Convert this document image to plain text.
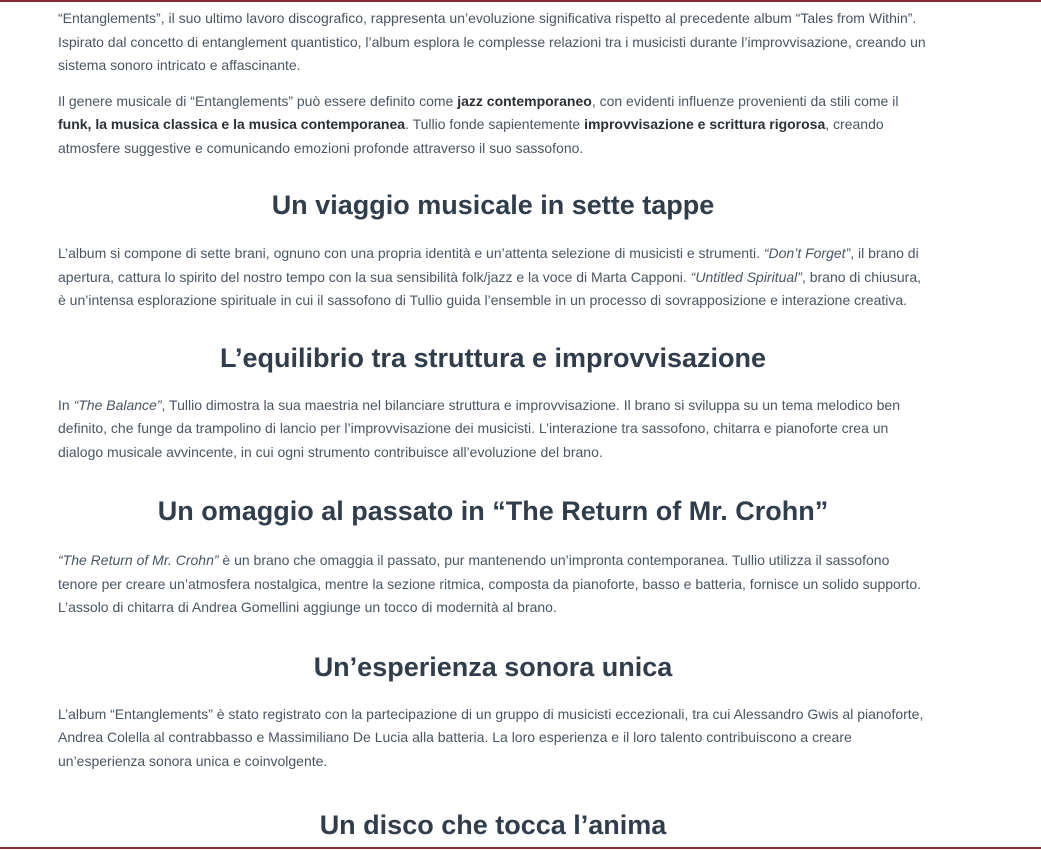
“Entanglements”, il suo ultimo lavoro discografico, rappresenta un’evoluzione significativa rispetto al precedente album “Tales from Within”. Ispirato dal concetto di entanglement quantistico, l’album esplora le complesse relazioni tra i musicisti durante l’improvvisazione, creando un sistema sonoro intricato e affascinante.

Il genere musicale di “Entanglements” può essere definito come jazz contemporaneo, con evidenti influenze provenienti da stili come il funk, la musica classica e la musica contemporanea. Tullio fonde sapientemente improvvisazione e scrittura rigorosa, creando atmosfere suggestive e comunicando emozioni profonde attraverso il suo sassofono.

Un viaggio musicale in sette tappe

L’album si compone di sette brani, ognuno con una propria identità e un’attenta selezione di musicisti e strumenti. “Don’t Forget”, il brano di apertura, cattura lo spirito del nostro tempo con la sua sensibilità folk/jazz e la voce di Marta Capponi. “Untitled Spiritual”, brano di chiusura, è un’intensa esplorazione spirituale in cui il sassofono di Tullio guida l’ensemble in un processo di sovrapposizione e interazione creativa.

L’equilibrio tra struttura e improvvisazione

In “The Balance”, Tullio dimostra la sua maestria nel bilanciare struttura e improvvisazione. Il brano si sviluppa su un tema melodico ben definito, che funge da trampolino di lancio per l’improvvisazione dei musicisti. L’interazione tra sassofono, chitarra e pianoforte crea un dialogo musicale avvincente, in cui ogni strumento contribuisce all’evoluzione del brano.

Un omaggio al passato in “The Return of Mr. Crohn”

“The Return of Mr. Crohn” è un brano che omaggia il passato, pur mantenendo un’impronta contemporanea. Tullio utilizza il sassofono tenore per creare un’atmosfera nostalgica, mentre la sezione ritmica, composta da pianoforte, basso e batteria, fornisce un solido supporto. L’assolo di chitarra di Andrea Gomellini aggiunge un tocco di modernità al brano.

Un’esperienza sonora unica

L’album “Entanglements” è stato registrato con la partecipazione di un gruppo di musicisti eccezionali, tra cui Alessandro Gwis al pianoforte, Andrea Colella al contrabbasso e Massimiliano De Lucia alla batteria. La loro esperienza e il loro talento contribuiscono a creare un’esperienza sonora unica e coinvolgente.

Un disco che tocca l’anima
